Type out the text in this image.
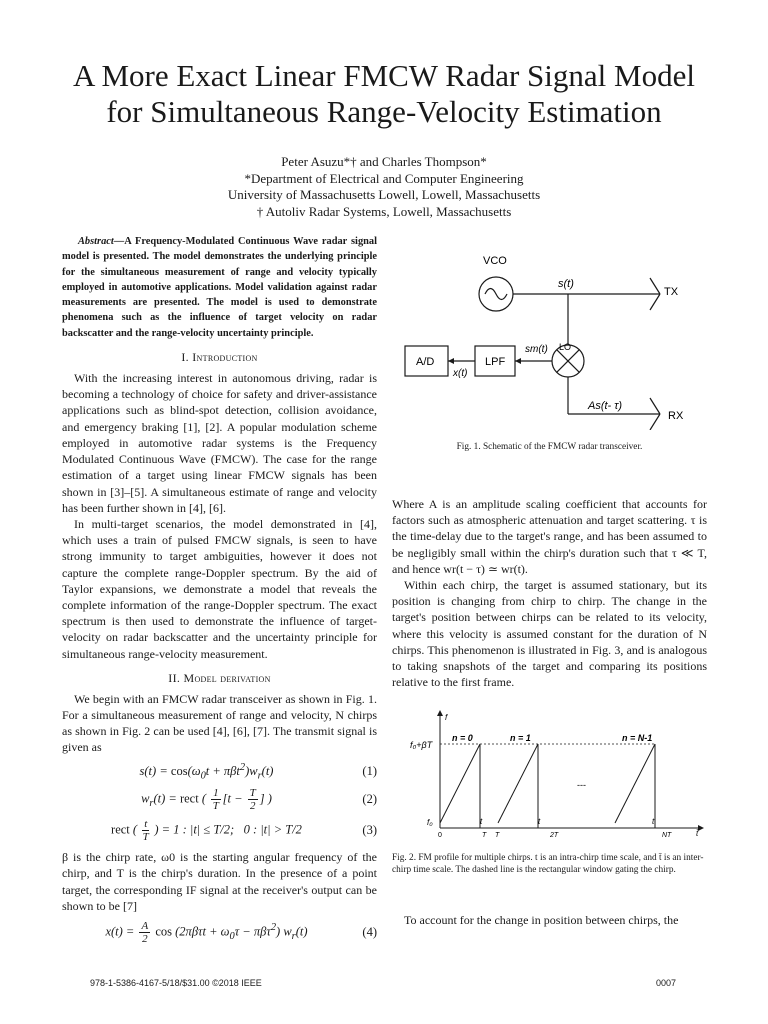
A More Exact Linear FMCW Radar Signal Model
for Simultaneous Range-Velocity Estimation
Peter Asuzu*† and Charles Thompson*
*Department of Electrical and Computer Engineering
University of Massachusetts Lowell, Lowell, Massachusetts
† Autoliv Radar Systems, Lowell, Massachusetts

Abstract—A Frequency-Modulated Continuous Wave radar signal model is presented. The model demonstrates the underlying principle for the simultaneous measurement of range and velocity typically employed in automotive applications. Model validation against radar measurements are presented. The model is used to demonstrate phenomena such as the influence of target velocity on radar backscatter and the range-velocity uncertainty principle.

I. Introduction

With the increasing interest in autonomous driving, radar is becoming a technology of choice for safety and driver-assistance applications such as blind-spot detection, collision avoidance, and emergency braking [1], [2]. A popular modulation scheme employed in automotive radar systems is the Frequency Modulated Continuous Wave (FMCW). The case for the range estimation of a target using linear FMCW signals has been shown in [3]–[5]. A simultaneous estimate of range and velocity has been further shown in [4], [6].

In multi-target scenarios, the model demonstrated in [4], which uses a train of pulsed FMCW signals, is seen to have strong immunity to target ambiguities, however it does not capture the complete range-Doppler spectrum. By the aid of Taylor expansions, we demonstrate a model that reveals the complete information of the range-Doppler spectrum. The exact spectrum is then used to demonstrate the influence of target-velocity on radar backscatter and the uncertainty principle for simultaneous range-velocity measurement.

II. Model derivation

We begin with an FMCW radar transceiver as shown in Fig. 1. For a simultaneous measurement of range and velocity, N chirps as shown in Fig. 2 can be used [4], [6], [7]. The transmit signal is given as

$s(t) = \cos(\omega_0t + \pi\beta t^2)w_r(t)$	(1)
$w_r(t)$ = rect ( $\frac{1}{T} [t - \frac{T}{2}$ ] )	(2)
rect ( $\frac{t}{T}$ ) = 1 : |t| ≤ T/2;   0 : |t| > T/2	(3)

β is the chirp rate, ω0 is the starting angular frequency of the chirp, and T is the chirp's duration. In the presence of a point target, the corresponding IF signal at the receiver's output can be shown to be [7]

$x(t) = \frac{A}{2}$ $\cos (2\pi\beta\tau t + \omega_0\tau - \pi\beta\tau^2)$ $w_r(t)$	(4)
VCO
s(t)
TX
A/D	LPF
x(t)
sm(t) LO
As(t- τ)
RX

Fig. 1. Schematic of the FMCW radar transceiver.

Where A is an amplitude scaling coefficient that accounts for factors such as atmospheric attenuation and target scattering. τ is the time-delay due to the target's range, and has been assumed to be negligibly small within the chirp's duration such that τ ≪ T, and hence wr(t − τ) ≃ wr(t).

Within each chirp, the target is assumed stationary, but its position is changing from chirp to chirp. The change in the target's position between chirps can be related to its velocity, where this velocity is assumed constant for the duration of N chirps. This phenomenon is illustrated in Fig. 3, and is analogous to taking snapshots of the target and comparing its positions relative to the first frame.

f
f₀+βT
f₀
n = 0	n = 1	n = N-1
---
t	t	t
0	T T	2T	NT	t̄

Fig. 2. FM profile for multiple chirps. t is an intra-chirp time scale, and t̄ is an inter-chirp time scale. The dashed line is the rectangular window gating the chirp.

To account for the change in position between chirps, the

978-1-5386-4167-5/18/$31.00 ©2018 IEEE	0007
